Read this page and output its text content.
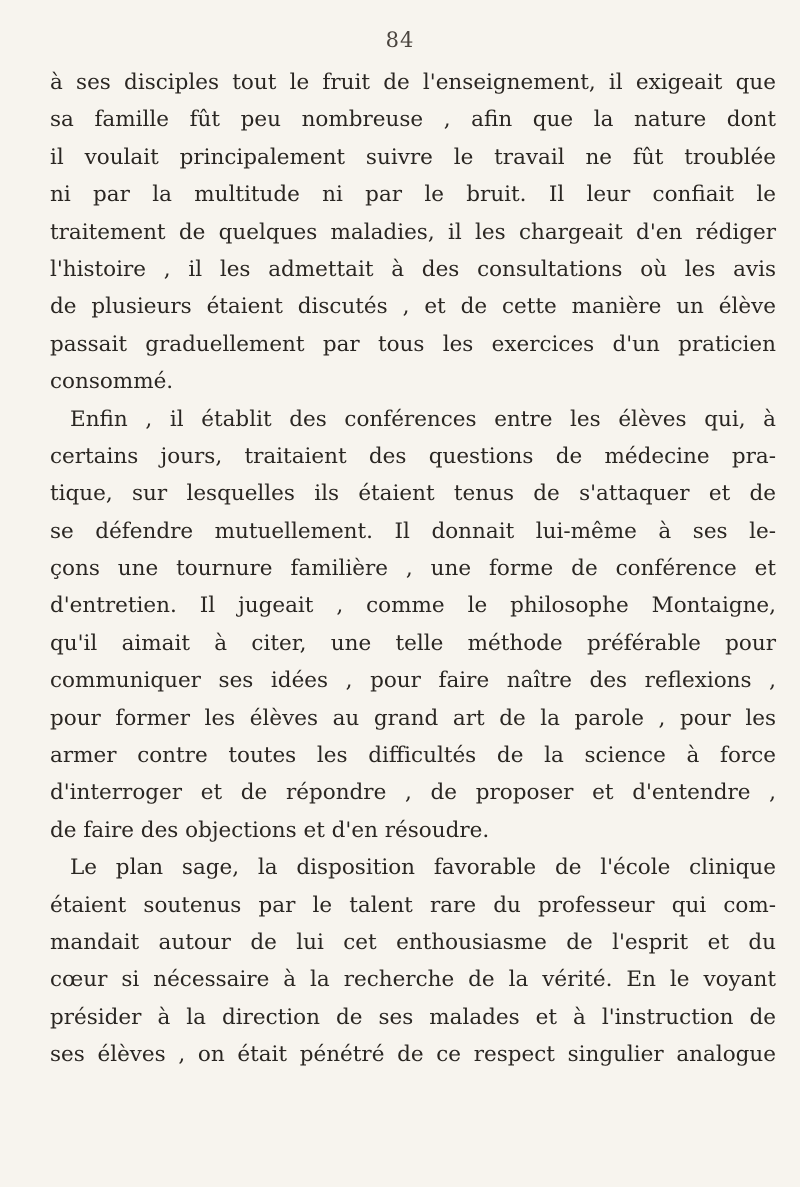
84
à ses disciples tout le fruit de l'enseignement, il exigeait que
sa famille fût peu nombreuse , afin que la nature dont
il voulait principalement suivre le travail ne fût troublée
ni par la multitude ni par le bruit. Il leur confiait le
traitement de quelques maladies, il les chargeait d'en rédiger
l'histoire , il les admettait à des consultations où les avis
de plusieurs étaient discutés , et de cette manière un élève
passait graduellement par tous les exercices d'un praticien
consommé.
Enfin , il établit des conférences entre les élèves qui, à
certains jours, traitaient des questions de médecine pra-
tique, sur lesquelles ils étaient tenus de s'attaquer et de
se défendre mutuellement. Il donnait lui-même à ses le-
çons une tournure familière , une forme de conférence et
d'entretien. Il jugeait , comme le philosophe Montaigne,
qu'il aimait à citer, une telle méthode préférable pour
communiquer ses idées , pour faire naître des reflexions ,
pour former les élèves au grand art de la parole , pour les
armer contre toutes les difficultés de la science à force
d'interroger et de répondre , de proposer et d'entendre ,
de faire des objections et d'en résoudre.
Le plan sage, la disposition favorable de l'école clinique
étaient soutenus par le talent rare du professeur qui com-
mandait autour de lui cet enthousiasme de l'esprit et du
cœur si nécessaire à la recherche de la vérité. En le voyant
présider à la direction de ses malades et à l'instruction de
ses élèves , on était pénétré de ce respect singulier analogue
